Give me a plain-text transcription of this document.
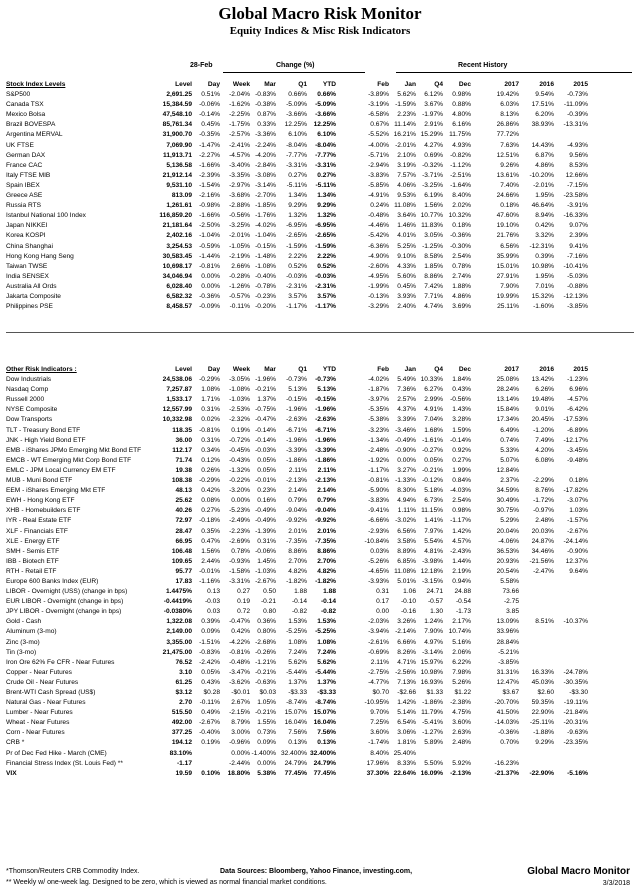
Global Macro Risk Monitor
Equity Indices & Misc Risk Indicators
28-Feb	Change (%)	Recent History
Stock Index Levels	Level	Day	Week	Mar	Q1	YTD	Feb	Jan	Q4	Dec	2017	2016	2015
S&P500	2,691.25	0.51%	-2.04%	-0.83%	0.66%	0.66%	-3.89%	5.62%	6.12%	0.98%	19.42%	9.54%	-0.73%
Canada TSX	15,384.59	-0.06%	-1.62%	-0.38%	-5.09%	-5.09%	-3.19%	-1.59%	3.67%	0.88%	6.03%	17.51%	-11.09%
Mexico Bolsa	47,548.10	-0.14%	-2.25%	0.87%	-3.66%	-3.66%	-6.58%	2.23%	-1.97%	4.80%	8.13%	6.20%	-0.39%
Brazil BOVESPA	85,761.34	0.45%	-1.75%	0.33%	12.25%	12.25%	0.67%	11.14%	2.91%	6.16%	26.86%	38.93%	-13.31%
Argentina MERVAL	31,900.70	-0.35%	-2.57%	-3.36%	6.10%	6.10%	-5.52%	16.21%	15.29%	11.75%	77.72%		
UK FTSE	7,069.90	-1.47%	-2.41%	-2.24%	-8.04%	-8.04%	-4.00%	-2.01%	4.27%	4.93%	7.63%	14.43%	-4.93%
German DAX	11,913.71	-2.27%	-4.57%	-4.20%	-7.77%	-7.77%	-5.71%	2.10%	0.69%	-0.82%	12.51%	6.87%	9.56%
France CAC	5,136.58	-1.66%	-3.40%	-2.84%	-3.31%	-3.31%	-2.94%	3.19%	-0.32%	-1.12%	9.26%	4.86%	8.53%
Italy FTSE MIB	21,912.14	-2.39%	-3.35%	-3.08%	0.27%	0.27%	-3.83%	7.57%	-3.71%	-2.51%	13.61%	-10.20%	12.66%
Spain IBEX	9,531.10	-1.54%	-2.97%	-3.14%	-5.11%	-5.11%	-5.85%	4.06%	-3.25%	-1.64%	7.40%	-2.01%	-7.15%
Greece ASE	813.09	-2.16%	-3.68%	-2.70%	1.34%	1.34%	-4.91%	9.53%	6.19%	8.40%	24.66%	1.95%	-23.58%
Russia RTS	1,261.61	-0.98%	-2.88%	-1.85%	9.29%	9.29%	0.24%	11.08%	1.56%	2.02%	0.18%	46.64%	-3.91%
Istanbul National 100 Index	116,859.20	-1.66%	-0.56%	-1.76%	1.32%	1.32%	-0.48%	3.64%	10.77%	10.32%	47.60%	8.94%	-16.33%
Japan NIKKEI	21,181.64	-2.50%	-3.25%	-4.02%	-6.95%	-6.95%	-4.46%	1.46%	11.83%	0.18%	19.10%	0.42%	9.07%
Korea KOSPI	2,402.16	-1.04%	-2.01%	-1.04%	-2.65%	-2.65%	-5.42%	4.01%	3.05%	-0.36%	21.76%	3.32%	2.39%
China Shanghai	3,254.53	-0.59%	-1.05%	-0.15%	-1.59%	-1.59%	-6.36%	5.25%	-1.25%	-0.30%	6.56%	-12.31%	9.41%
Hong Kong Hang Seng	30,583.45	-1.44%	-2.19%	-1.48%	2.22%	2.22%	-4.90%	9.10%	8.58%	2.54%	35.99%	0.39%	-7.16%
Taiwan TWSE	10,698.17	-0.81%	2.66%	-1.08%	0.52%	0.52%	-2.60%	4.33%	1.85%	0.78%	15.01%	10.98%	-10.41%
India SENSEX	34,046.94	0.00%	-0.28%	-0.40%	-0.03%	-0.03%	-4.95%	5.60%	8.86%	2.74%	27.91%	1.95%	-5.03%
Australia All Ords	6,028.40	0.00%	-1.26%	-0.78%	-2.31%	-2.31%	-1.99%	0.45%	7.42%	1.88%	7.90%	7.01%	-0.88%
Jakarta Composite	6,582.32	-0.36%	-0.57%	-0.23%	3.57%	3.57%	-0.13%	3.93%	7.71%	4.86%	19.99%	15.32%	-12.13%
Philippines PSE	8,458.57	-0.09%	-0.11%	-0.20%	-1.17%	-1.17%	-3.29%	2.40%	4.74%	3.69%	25.11%	-1.60%	-3.85%
Other Risk Indicators :	Level	Day	Week	Mar	Q1	YTD	Feb	Jan	Q4	Dec	2017	2016	2015
Dow Industrials	24,538.06	-0.29%	-3.05%	-1.96%	-0.73%	-0.73%	-4.02%	5.49%	10.33%	1.84%	25.08%	13.42%	-1.23%
Nasdaq Comp	7,257.87	1.08%	-1.08%	-0.21%	5.13%	5.13%	-1.87%	7.36%	6.27%	0.43%	28.24%	6.26%	6.96%
Russell 2000	1,533.17	1.71%	-1.03%	1.37%	-0.15%	-0.15%	-3.97%	2.57%	2.99%	-0.56%	13.14%	19.48%	-4.57%
NYSE Composite	12,557.99	0.31%	-2.53%	-0.75%	-1.96%	-1.96%	-5.35%	4.37%	4.91%	1.43%	15.84%	9.01%	-6.42%
Dow Transports	10,332.98	0.02%	-2.32%	-0.47%	-2.63%	-2.63%	-5.38%	3.39%	7.04%	3.28%	17.34%	20.45%	-17.53%
TLT - Treasury Bond ETF	118.35	-0.81%	0.19%	-0.14%	-6.71%	-6.71%	-3.23%	-3.46%	1.68%	1.59%	6.49%	-1.20%	-6.89%
JNK - High Yield Bond ETF	36.00	0.31%	-0.72%	-0.14%	-1.96%	-1.96%	-1.34%	-0.49%	-1.61%	-0.14%	0.74%	7.49%	-12.17%
EMB - iShares JPMo Emerging Mkt Bond ETF	112.17	0.34%	-0.45%	-0.03%	-3.39%	-3.39%	-2.48%	-0.90%	-0.27%	0.92%	5.33%	4.20%	-3.45%
EMCB - WT Emerging Mkt Corp Bond ETF	71.74	0.12%	-0.43%	0.05%	-1.86%	-1.86%	-1.92%	0.00%	0.05%	0.27%	5.07%	6.08%	-9.48%
EMLC - JPM Local Currency EM ETF	19.38	0.26%	-1.32%	0.05%	2.11%	2.11%	-1.17%	3.27%	-0.21%	1.99%	12.84%		
MUB - Muni Bond ETF	108.38	-0.29%	-0.22%	-0.01%	-2.13%	-2.13%	-0.81%	-1.33%	-0.12%	0.84%	2.37%	-2.29%	0.18%
EEM - iShares Emerging Mkt ETF	48.13	0.42%	-3.20%	0.23%	2.14%	2.14%	-5.90%	8.30%	5.18%	-4.03%	34.59%	8.76%	-17.82%
EWH - Hong Kong ETF	25.62	0.08%	0.00%	0.16%	0.79%	0.79%	-3.83%	4.94%	6.73%	2.54%	30.49%	-1.72%	-3.07%
XHB - Homebuilders ETF	40.26	0.27%	-5.23%	-0.49%	-9.04%	-9.04%	-9.41%	1.11%	11.15%	0.98%	30.75%	-0.97%	1.03%
IYR - Real Estate ETF	72.97	-0.18%	-2.49%	-0.49%	-9.92%	-9.92%	-6.66%	-3.02%	1.41%	-1.17%	5.29%	2.48%	-1.57%
XLF - Financials ETF	28.47	0.35%	-2.23%	-1.39%	2.01%	2.01%	-2.93%	6.56%	7.97%	1.42%	20.04%	20.03%	-2.67%
XLE - Energy ETF	66.95	0.47%	-2.69%	0.31%	-7.35%	-7.35%	-10.84%	3.58%	5.54%	4.57%	-4.06%	24.87%	-24.14%
SMH - Semis ETF	106.48	1.56%	0.78%	-0.06%	8.86%	8.86%	0.03%	8.89%	4.81%	-2.43%	36.53%	34.46%	-0.90%
IBB - Biotech ETF	109.65	2.44%	-0.93%	1.45%	2.70%	2.70%	-5.26%	6.85%	-3.98%	1.44%	20.93%	-21.56%	12.37%
RTH - Retail ETF	95.77	-0.01%	-1.58%	-1.03%	4.82%	4.82%	-4.65%	11.08%	12.18%	2.19%	20.54%	-2.47%	9.64%
Europe 600 Banks Index (EUR)	17.83	-1.16%	-3.31%	-2.67%	-1.82%	-1.82%	-3.93%	5.01%	-3.15%	0.94%	5.58%		
LIBOR - Overnight (USS) (change in bps)	1.4475%	0.13	0.27	0.50	1.88	1.88	0.31	1.06	24.71	24.88	73.66		
EUR LIBOR - Overnight (change in bps)	-0.4419%	-0.03	0.19	-0.21	-0.14	-0.14	0.17	-0.10	-0.57	-0.54	-2.75		
JPY LIBOR - Overnight (change in bps)	-0.0380%	0.03	0.72	0.80	-0.82	-0.82	0.00	-0.16	1.30	-1.73	3.85		
Gold - Cash	1,322.08	0.39%	-0.47%	0.36%	1.53%	1.53%	-2.03%	3.26%	1.24%	2.17%	13.09%	8.51%	-10.37%
Aluminum (3-mo)	2,149.00	0.09%	0.42%	0.80%	-5.25%	-5.25%	-3.94%	-2.14%	7.90%	10.74%	33.96%		
Zinc (3-mo)	3,355.00	-1.51%	-4.22%	-2.68%	1.08%	1.08%	-2.61%	6.66%	4.97%	5.16%	28.84%		
Tin (3-mo)	21,475.00	-0.83%	-0.81%	-0.26%	7.24%	7.24%	-0.69%	8.26%	-3.14%	2.06%	-5.21%		
Iron Ore 62% Fe CFR - Near Futures	76.52	-2.42%	-0.48%	-1.21%	5.62%	5.62%	2.11%	4.71%	15.97%	6.22%	-3.85%		
Copper - Near Futures	3.10	0.05%	-3.47%	-0.21%	-5.44%	-5.44%	-2.75%	-2.56%	10.98%	7.98%	31.31%	16.33%	-24.78%
Crude Oil - Near Futures	61.25	0.43%	-3.62%	-0.63%	1.37%	1.37%	-4.77%	7.13%	16.93%	5.26%	12.47%	45.03%	-30.35%
Brent-WTI Cash Spread (US$)	$3.12	$0.28	-$0.01	$0.03	-$3.33	-$3.33	$0.70	-$2.66	$1.33	$1.22	$3.67	$2.60	-$3.30
Natural Gas - Near Futures	2.70	-0.11%	2.67%	1.05%	-8.74%	-8.74%	-10.95%	1.42%	-1.86%	-2.38%	-20.70%	59.35%	-19.11%
Lumber - Near Futures	515.50	0.49%	-2.15%	-0.21%	15.07%	15.07%	9.70%	5.14%	11.79%	4.75%	41.50%	22.90%	-21.84%
Wheat - Near Futures	492.00	-2.67%	8.79%	1.55%	16.04%	16.04%	7.25%	6.54%	-5.41%	3.60%	-14.03%	-25.11%	-20.31%
Corn - Near Futures	377.25	-0.40%	3.00%	0.73%	7.56%	7.56%	3.60%	3.06%	-1.27%	2.63%	-0.36%	-1.88%	-9.63%
CRB *	194.12	0.19%	-0.96%	0.09%	0.13%	0.13%	-1.74%	1.81%	5.89%	2.48%	0.70%	9.29%	-23.35%
Pr of Dec Fed Hike - March (CME)	83.10%		0.00%	-1.400%	32.400%	32.400%	8.40%	25.40%					
Financial Stress Index (St. Louis Fed) **	-1.17		-2.44%	0.00%	24.79%	24.79%	17.96%	8.33%	5.50%	5.92%	-16.23%		
VIX	19.59	0.10%	18.80%	5.38%	77.45%	77.45%	37.30%	22.64%	16.09%	-2.13%	-21.37%	-22.90%	-5.16%
*Thomson/Reuters CRB Commodity Index.	Data Sources: Bloomberg, Yahoo Finance, investing.com,
** Weekly w/ one-week lag. Designed to be zero, which is viewed as normal financial market conditions.
Global Macro Monitor
3/3/2018
